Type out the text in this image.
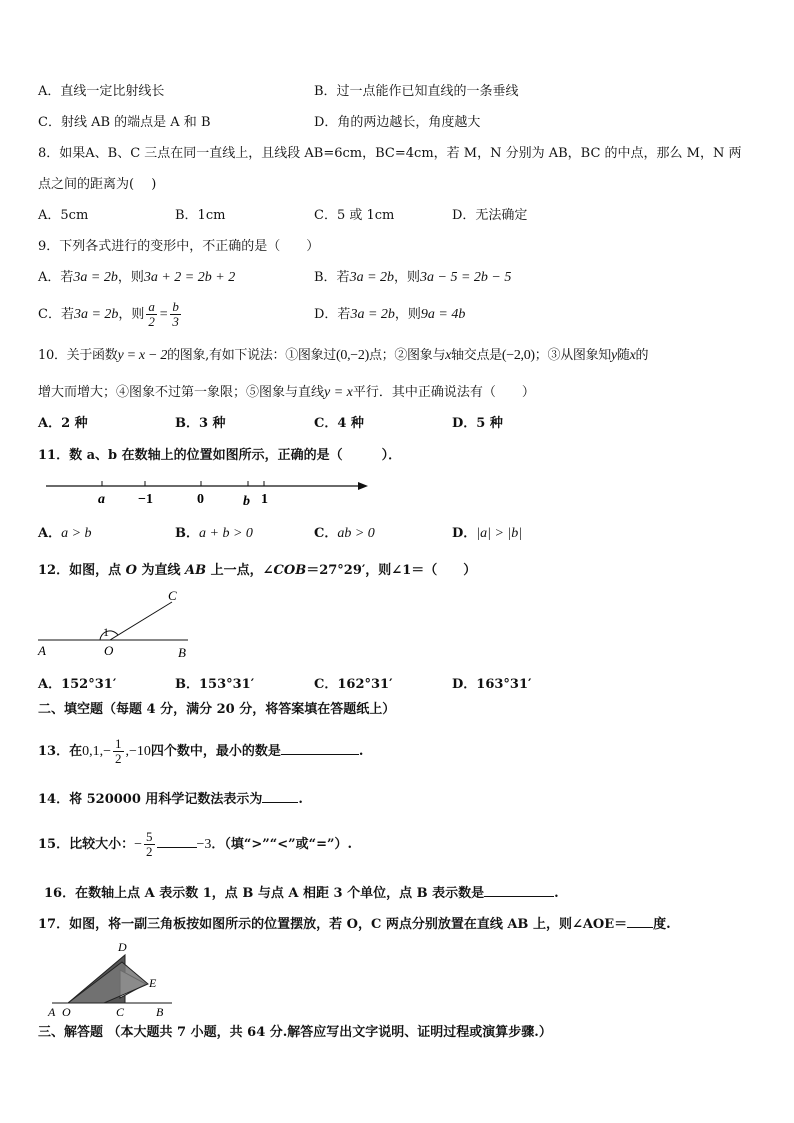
A．直线一定比射线长	B．过一点能作已知直线的一条垂线
C．射线 AB 的端点是 A 和 B	D．角的两边越长，角度越大
8．如果A、B、C 三点在同一直线上，且线段 AB=6cm，BC=4cm，若 M，N 分别为 AB，BC 的中点，那么 M，N 两
点之间的距离为(　 )
A．5cm	B．1cm	C．5 或 1cm	D．无法确定
9．下列各式进行的变形中，不正确的是（　　）
A．若3a = 2b，则3a + 2 = 2b + 2	B．若3a = 2b，则3a − 5 = 2b − 5
C．若3a = 2b，则 $\frac{a}{2} = \frac{b}{3}$	D．若3a = 2b，则9a = 4b
10．关于函数y = x − 2的图象,有如下说法：①图象过(0,−2)点；②图象与x轴交点是(−2,0)；③从图象知y随x的
增大而增大；④图象不过第一象限；⑤图象与直线y = x平行．其中正确说法有（　　）
A．2 种	B．3 种	C．4 种	D．5 种
11．数 a、b 在数轴上的位置如图所示，正确的是（　　　）．
a −1	0	b 1
A．a > b	B．a + b > 0	C．ab > 0	D．|a| > |b|
12．如图，点 O 为直线 AB 上一点，∠COB＝27°29′，则∠1＝（　　）
C
1
A	O	B
A．152°31′	B．153°31′	C．162°31′	D．163°31′
二、填空题（每题 4 分，满分 20 分，将答案填在答题纸上）
13．在$0,1,- \frac{1}{2} ,-10$四个数中，最小的数是	.
14．将 520000 用科学记数法表示为	.
15．比较大小：− $\frac{5}{2}$	−3．（填“>”“<”或“=”）.
16．在数轴上点 A 表示数 1，点 B 与点 A 相距 3 个单位，点 B 表示数是	.
17．如图，将一副三角板按如图所示的位置摆放，若 O，C 两点分别放置在直线 AB 上，则∠AOE＝ 度.
D
E
A O	C	B
三、解答题 （本大题共 7 小题，共 64 分.解答应写出文字说明、证明过程或演算步骤.）
